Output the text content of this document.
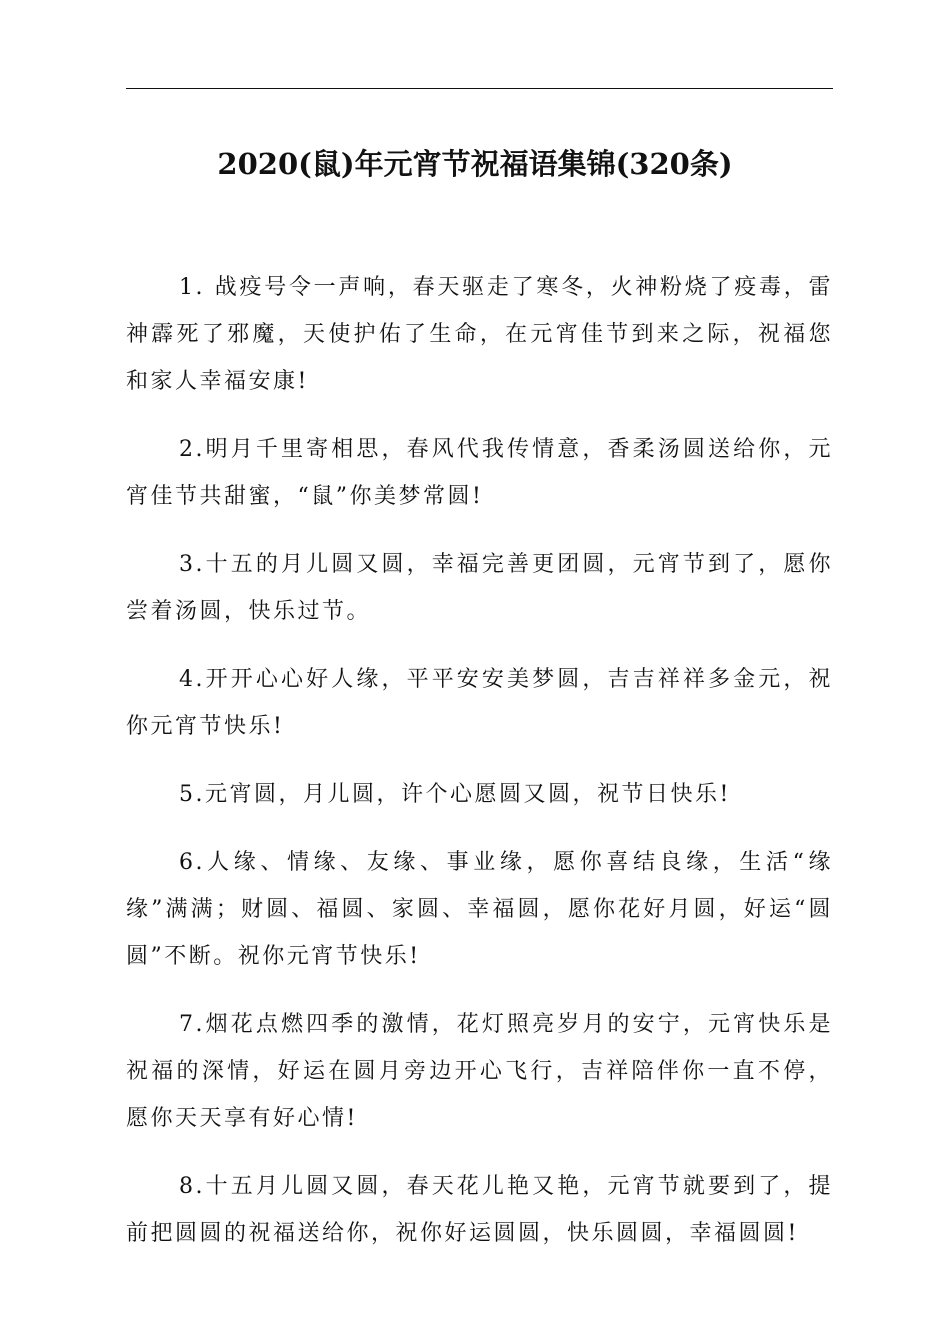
2020(鼠)年元宵节祝福语集锦(320条)

1. 战疫号令一声响，春天驱走了寒冬，火神粉烧了疫毒，雷神霹死了邪魔，天使护佑了生命，在元宵佳节到来之际，祝福您和家人幸福安康!

2.明月千里寄相思，春风代我传情意，香柔汤圆送给你，元宵佳节共甜蜜，“鼠”你美梦常圆!

3.十五的月儿圆又圆，幸福完善更团圆，元宵节到了，愿你尝着汤圆，快乐过节。

4.开开心心好人缘，平平安安美梦圆，吉吉祥祥多金元，祝你元宵节快乐!

5.元宵圆，月儿圆，许个心愿圆又圆，祝节日快乐!

6.人缘、情缘、友缘、事业缘，愿你喜结良缘，生活“缘缘”满满；财圆、福圆、家圆、幸福圆，愿你花好月圆，好运“圆圆”不断。祝你元宵节快乐!

7.烟花点燃四季的激情，花灯照亮岁月的安宁，元宵快乐是祝福的深情，好运在圆月旁边开心飞行，吉祥陪伴你一直不停，愿你天天享有好心情!

8.十五月儿圆又圆，春天花儿艳又艳，元宵节就要到了，提前把圆圆的祝福送给你，祝你好运圆圆，快乐圆圆，幸福圆圆!
